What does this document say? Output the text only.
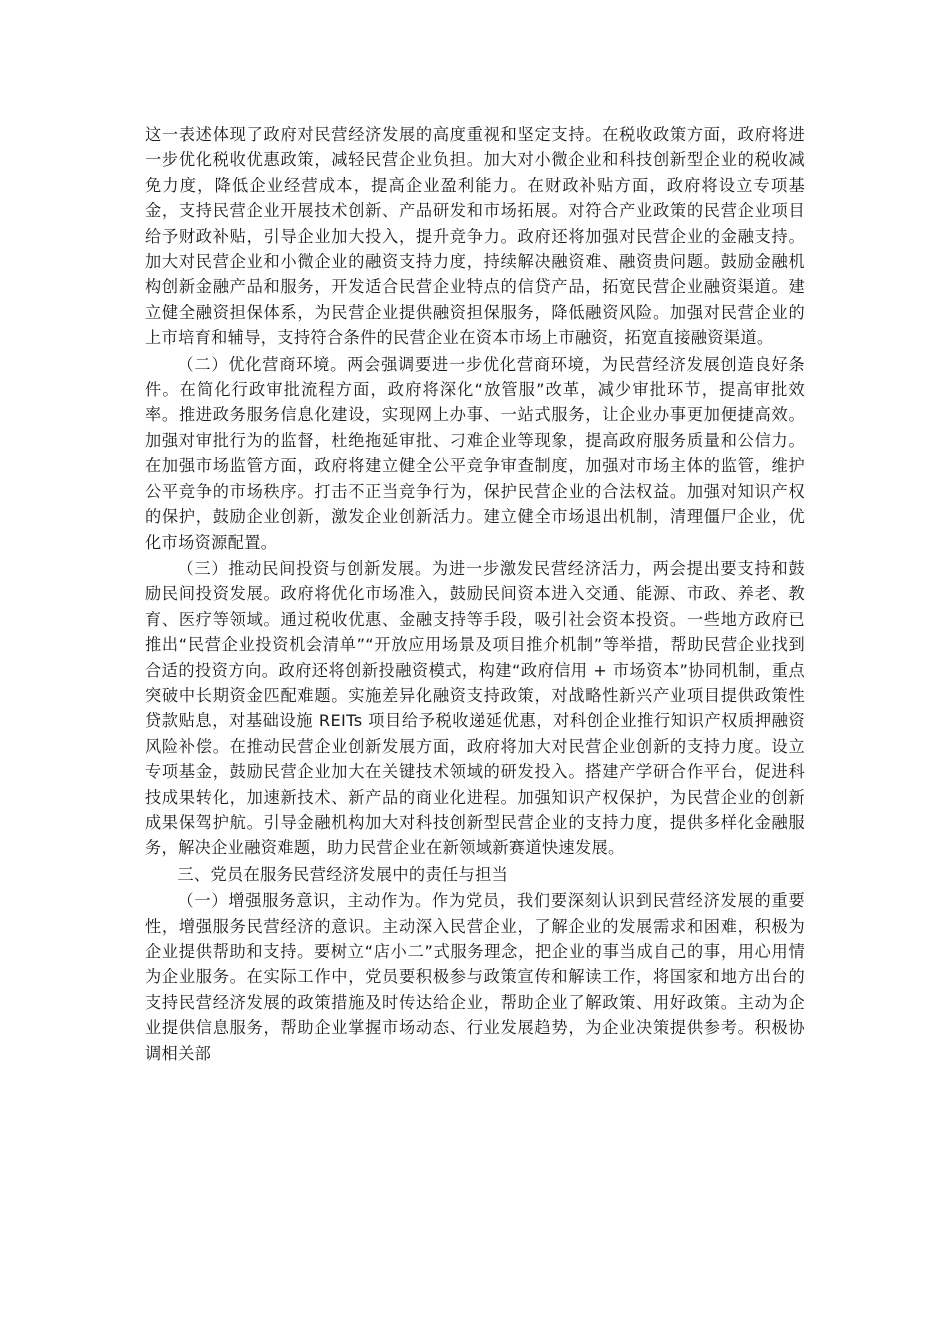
这一表述体现了政府对民营经济发展的高度重视和坚定支持。在税收政策方面，政府将进一步优化税收优惠政策，减轻民营企业负担。加大对小微企业和科技创新型企业的税收减免力度，降低企业经营成本，提高企业盈利能力。在财政补贴方面，政府将设立专项基金，支持民营企业开展技术创新、产品研发和市场拓展。对符合产业政策的民营企业项目给予财政补贴，引导企业加大投入，提升竞争力。政府还将加强对民营企业的金融支持。加大对民营企业和小微企业的融资支持力度，持续解决融资难、融资贵问题。鼓励金融机构创新金融产品和服务，开发适合民营企业特点的信贷产品，拓宽民营企业融资渠道。建立健全融资担保体系，为民营企业提供融资担保服务，降低融资风险。加强对民营企业的上市培育和辅导，支持符合条件的民营企业在资本市场上市融资，拓宽直接融资渠道。

（二）优化营商环境。两会强调要进一步优化营商环境，为民营经济发展创造良好条件。在简化行政审批流程方面，政府将深化“放管服”改革，减少审批环节，提高审批效率。推进政务服务信息化建设，实现网上办事、一站式服务，让企业办事更加便捷高效。加强对审批行为的监督，杜绝拖延审批、刁难企业等现象，提高政府服务质量和公信力。在加强市场监管方面，政府将建立健全公平竞争审查制度，加强对市场主体的监管，维护公平竞争的市场秩序。打击不正当竞争行为，保护民营企业的合法权益。加强对知识产权的保护，鼓励企业创新，激发企业创新活力。建立健全市场退出机制，清理僵尸企业，优化市场资源配置。

（三）推动民间投资与创新发展。为进一步激发民营经济活力，两会提出要支持和鼓励民间投资发展。政府将优化市场准入，鼓励民间资本进入交通、能源、市政、养老、教育、医疗等领域。通过税收优惠、金融支持等手段，吸引社会资本投资。一些地方政府已推出“民营企业投资机会清单”“开放应用场景及项目推介机制”等举措，帮助民营企业找到合适的投资方向。政府还将创新投融资模式，构建“政府信用 + 市场资本”协同机制，重点突破中长期资金匹配难题。实施差异化融资支持政策，对战略性新兴产业项目提供政策性贷款贴息，对基础设施 REITs 项目给予税收递延优惠，对科创企业推行知识产权质押融资风险补偿。在推动民营企业创新发展方面，政府将加大对民营企业创新的支持力度。设立专项基金，鼓励民营企业加大在关键技术领域的研发投入。搭建产学研合作平台，促进科技成果转化，加速新技术、新产品的商业化进程。加强知识产权保护，为民营企业的创新成果保驾护航。引导金融机构加大对科技创新型民营企业的支持力度，提供多样化金融服务，解决企业融资难题，助力民营企业在新领域新赛道快速发展。

三、党员在服务民营经济发展中的责任与担当

（一）增强服务意识，主动作为。作为党员，我们要深刻认识到民营经济发展的重要性，增强服务民营经济的意识。主动深入民营企业，了解企业的发展需求和困难，积极为企业提供帮助和支持。要树立“店小二”式服务理念，把企业的事当成自己的事，用心用情为企业服务。在实际工作中，党员要积极参与政策宣传和解读工作，将国家和地方出台的支持民营经济发展的政策措施及时传达给企业，帮助企业了解政策、用好政策。主动为企业提供信息服务，帮助企业掌握市场动态、行业发展趋势，为企业决策提供参考。积极协调相关部
